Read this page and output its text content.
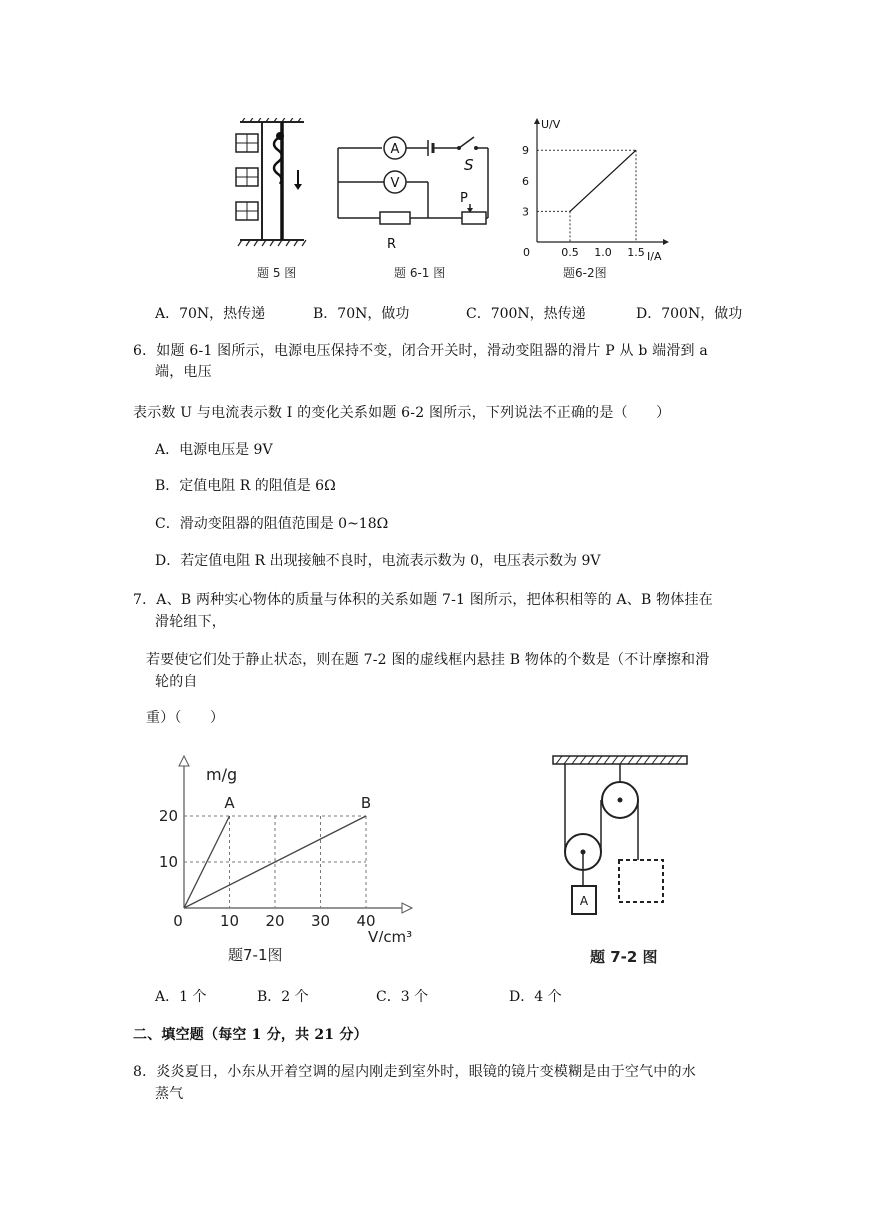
题 5 图
A
S
V
P
R
题 6-1 图
U/V
I/A
0
9
6
3
0.5 1.0 1.5
题6-2图
A．70N，热传递	B．70N，做功	C．700N，热传递	D．700N，做功
6．如题 6-1 图所示，电源电压保持不变，闭合开关时，滑动变阻器的滑片 P 从 b 端滑到 a
端，电压
表示数 U 与电流表示数 I 的变化关系如题 6-2 图所示，下列说法不正确的是（　　）
A．电源电压是 9V
B．定值电阻 R 的阻值是 6Ω
C．滑动变阻器的阻值范围是 0~18Ω
D．若定值电阻 R 出现接触不良时，电流表示数为 0，电压表示数为 9V
7．A、B 两种实心物体的质量与体积的关系如题 7-1 图所示，把体积相等的 A、B 物体挂在
滑轮组下，
若要使它们处于静止状态，则在题 7-2 图的虚线框内悬挂 B 物体的个数是（不计摩擦和滑
轮的自
重）（　　）
m/g
V/cm³
0
A	B
20
10
10 20 30 40
题7-1图
A
题 7-2 图
A．1 个	B．2 个	C．3 个	D．4 个
二、填空题（每空 1 分，共 21 分）
8．炎炎夏日，小东从开着空调的屋内刚走到室外时，眼镜的镜片变模糊是由于空气中的水
蒸气
